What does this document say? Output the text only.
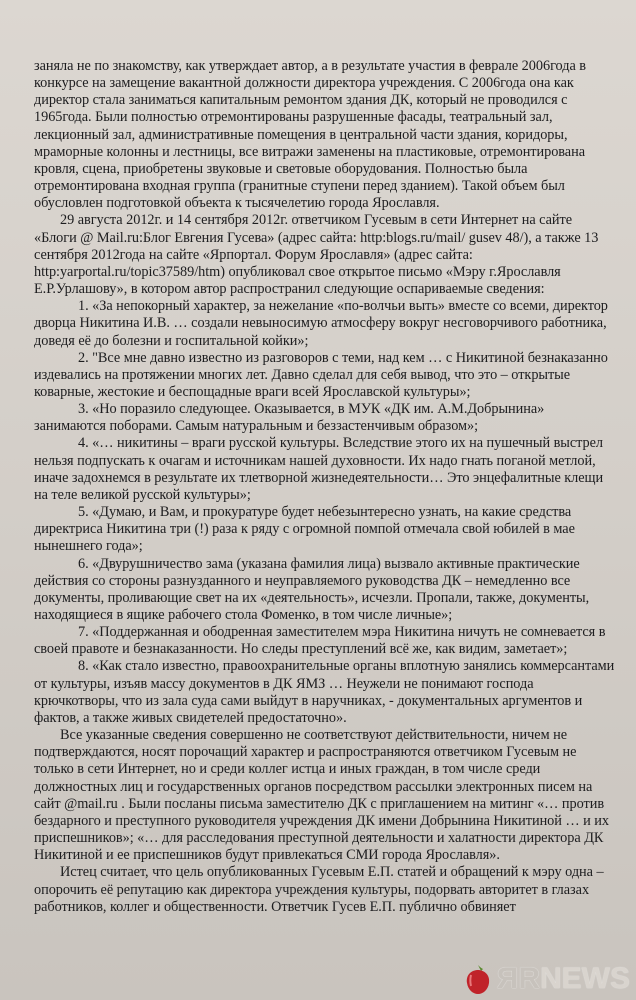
заняла не по знакомству, как утверждает автор, а в результате участия в феврале 2006года в конкурсе на замещение вакантной должности директора учреждения. С 2006года она как директор стала заниматься капитальным ремонтом здания ДК, который не проводился с 1965года. Были полностью отремонтированы разрушенные фасады, театральный зал, лекционный зал, административные помещения в центральной части здания, коридоры, мраморные колонны и лестницы, все витражи заменены на пластиковые, отремонтирована кровля, сцена, приобретены звуковые и световые оборудования. Полностью была отремонтирована входная группа (гранитные ступени перед зданием). Такой объем был обусловлен подготовкой объекта к тысячелетию города Ярославля.

29 августа 2012г. и 14 сентября 2012г. ответчиком Гусевым в сети Интернет на сайте «Блоги @ Mail.ru:Блог Евгения Гусева» (адрес сайта: http:blogs.ru/mail/ gusev 48/), а также 13 сентября 2012года на сайте «Ярпортал. Форум Ярославля» (адрес сайта: http:yarportal.ru/topic37589/htm) опубликовал свое открытое письмо «Мэру г.Ярославля Е.Р.Урлашову», в котором автор распространил следующие оспариваемые сведения:

1. «За непокорный характер, за нежелание «по-волчьи выть» вместе со всеми, директор дворца Никитина И.В. … создали невыносимую атмосферу вокруг несговорчивого работника, доведя её до болезни и госпитальной койки»;

2. "Все мне давно известно из разговоров с теми, над кем … с Никитиной безнаказанно издевались на протяжении многих лет. Давно сделал для себя вывод, что это – открытые коварные, жестокие и беспощадные враги всей Ярославской культуры»;

3. «Но поразило следующее. Оказывается, в МУК «ДК им. А.М.Добрынина» занимаются поборами. Самым натуральным и беззастенчивым образом»;

4. «… никитины – враги русской культуры. Вследствие этого их на пушечный выстрел нельзя подпускать к очагам и источникам нашей духовности. Их надо гнать поганой метлой, иначе задохнемся в результате их тлетворной жизнедеятельности… Это энцефалитные клещи на теле великой русской культуры»;

5. «Думаю, и Вам, и прокуратуре будет небезынтересно узнать, на какие средства директриса Никитина три (!) раза к ряду с огромной помпой отмечала свой юбилей в мае нынешнего года»;

6. «Двурушничество зама (указана фамилия лица) вызвало активные практические действия со стороны разнузданного и неуправляемого руководства ДК – немедленно все документы, проливающие свет на их «деятельность», исчезли. Пропали, также, документы, находящиеся в ящике рабочего стола Фоменко, в том числе личные»;

7. «Поддержанная и ободренная заместителем мэра Никитина ничуть не сомневается в своей правоте и безнаказанности. Но следы преступлений всё же, как видим, заметает»;

8. «Как стало известно, правоохранительные органы вплотную занялись коммерсантами от культуры, изъяв массу документов в ДК ЯМЗ … Неужели не понимают господа крючкотворы, что из зала суда сами выйдут в наручниках, - документальных аргументов и фактов, а также живых свидетелей предостаточно».

Все указанные сведения совершенно не соответствуют действительности, ничем не подтверждаются, носят порочащий характер и распространяются ответчиком Гусевым не только в сети Интернет, но и среди коллег истца и иных граждан, в том числе среди должностных лиц и государственных органов посредством рассылки электронных писем на сайт @mail.ru . Были посланы письма заместителю ДК с приглашением на митинг «… против бездарного и преступного руководителя учреждения ДК имени Добрынина Никитиной … и их приспешников»; «… для расследования преступной деятельности и халатности директора ДК Никитиной и ее приспешников будут привлекаться СМИ города Ярославля».

Истец считает, что цель опубликованных Гусевым Е.П. статей и обращений к мэру одна – опорочить её репутацию как директора учреждения культуры, подорвать авторитет в глазах работников, коллег и общественности. Ответчик Гусев Е.П. публично обвиняет

ЯRNEWS
